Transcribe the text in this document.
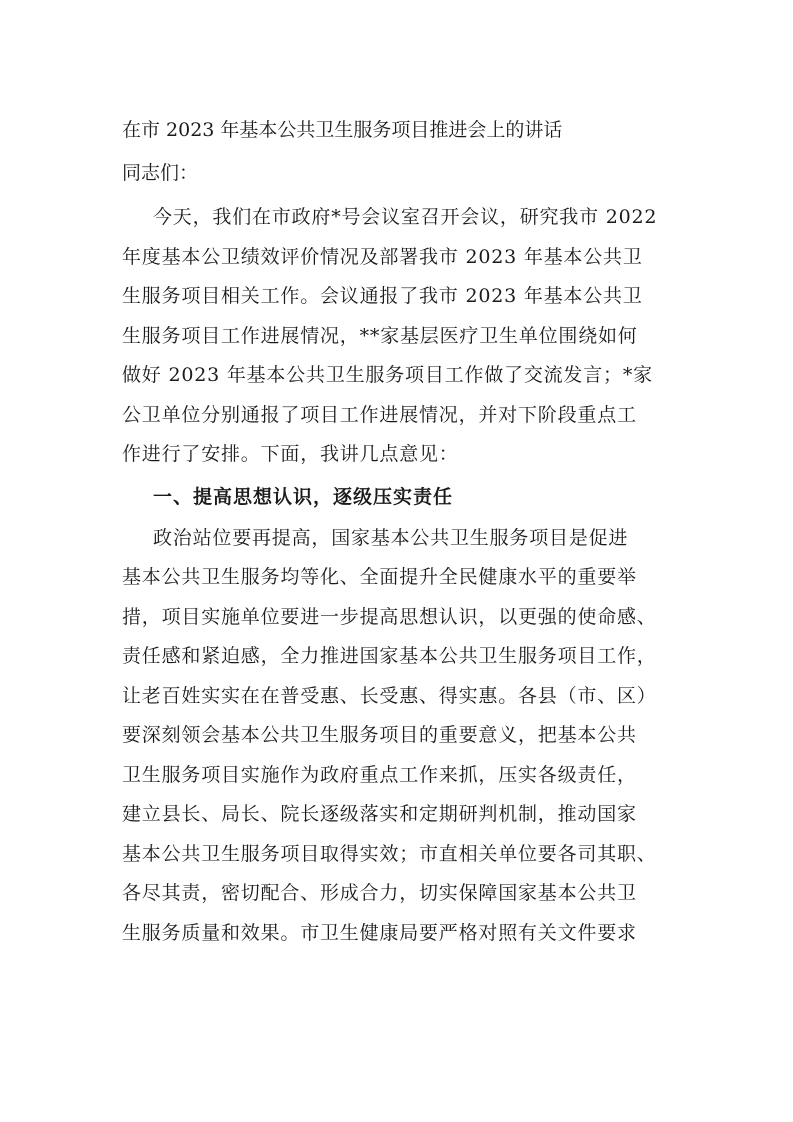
在市 2023 年基本公共卫生服务项目推进会上的讲话
同志们：
今天，我们在市政府*号会议室召开会议，研究我市 2022
年度基本公卫绩效评价情况及部署我市 2023 年基本公共卫
生服务项目相关工作。会议通报了我市 2023 年基本公共卫
生服务项目工作进展情况，**家基层医疗卫生单位围绕如何
做好 2023 年基本公共卫生服务项目工作做了交流发言；*家
公卫单位分别通报了项目工作进展情况，并对下阶段重点工
作进行了安排。下面，我讲几点意见：
一、提高思想认识，逐级压实责任
政治站位要再提高，国家基本公共卫生服务项目是促进
基本公共卫生服务均等化、全面提升全民健康水平的重要举
措，项目实施单位要进一步提高思想认识，以更强的使命感、
责任感和紧迫感，全力推进国家基本公共卫生服务项目工作，
让老百姓实实在在普受惠、长受惠、得实惠。各县（市、区）
要深刻领会基本公共卫生服务项目的重要意义，把基本公共
卫生服务项目实施作为政府重点工作来抓，压实各级责任，
建立县长、局长、院长逐级落实和定期研判机制，推动国家
基本公共卫生服务项目取得实效；市直相关单位要各司其职、
各尽其责，密切配合、形成合力，切实保障国家基本公共卫
生服务质量和效果。市卫生健康局要严格对照有关文件要求
